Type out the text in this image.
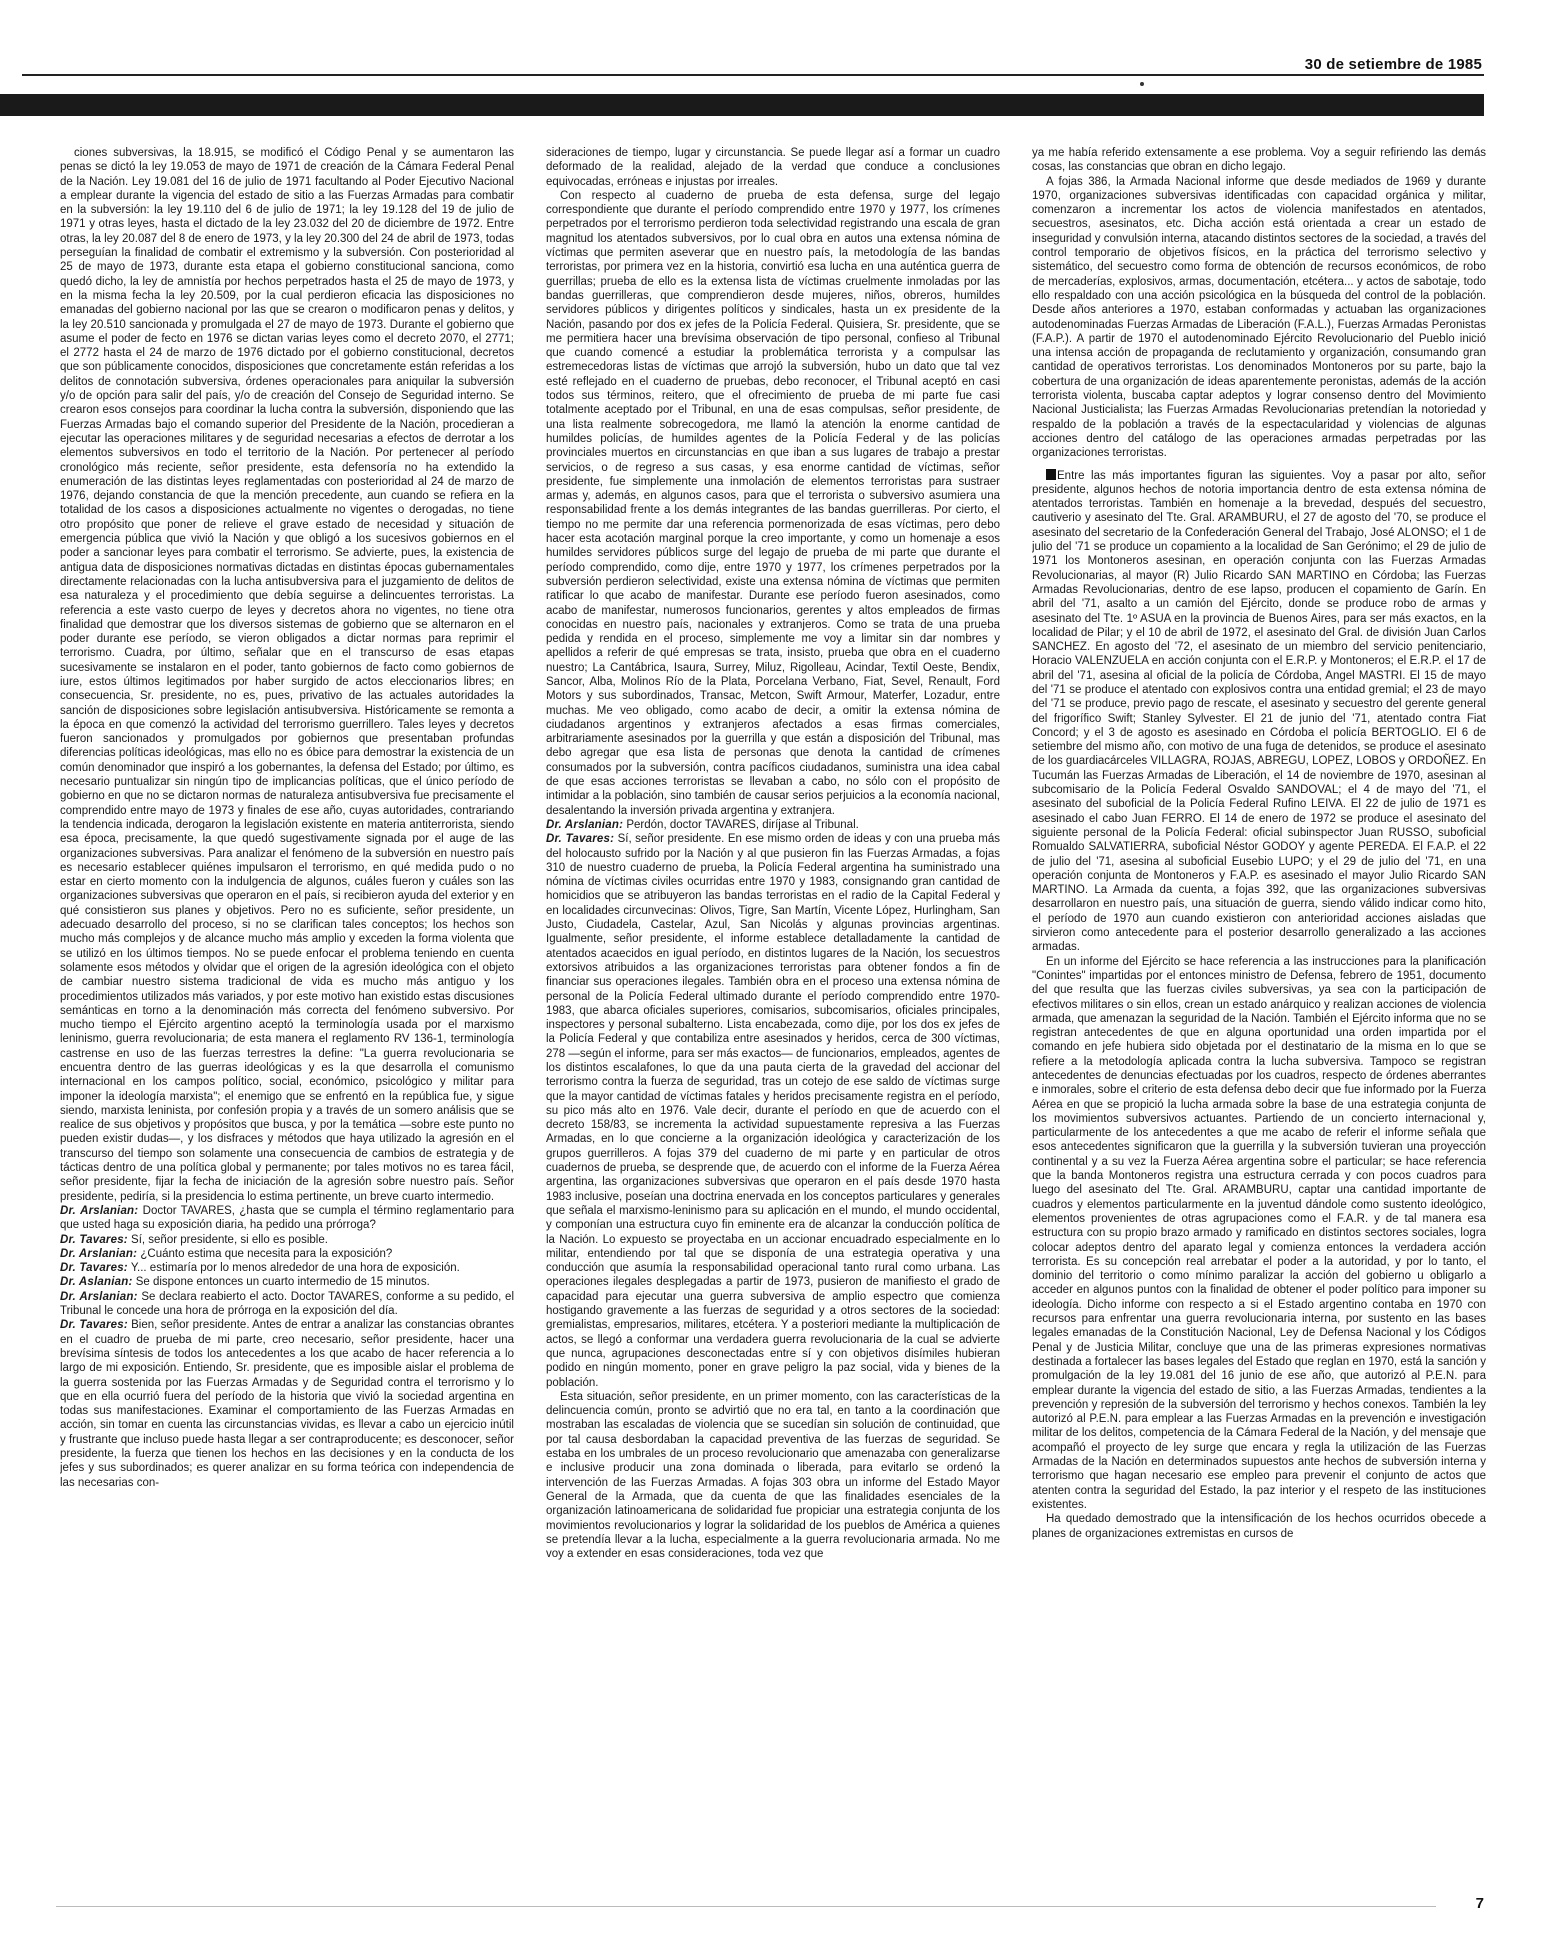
30 de setiembre de 1985

ciones subversivas, la 18.915, se modificó el Código Penal y se aumentaron las penas se dictó la ley 19.053 de mayo de 1971 de creación de la Cámara Federal Penal de la Nación. Ley 19.081 del 16 de julio de 1971 facultando al Poder Ejecutivo Nacional a emplear durante la vigencia del estado de sitio a las Fuerzas Armadas para combatir en la subversión: la ley 19.110 del 6 de julio de 1971; la ley 19.128 del 19 de julio de 1971 y otras leyes, hasta el dictado de la ley 23.032 del 20 de diciembre de 1972. Entre otras, la ley 20.087 del 8 de enero de 1973, y la ley 20.300 del 24 de abril de 1973, todas perseguían la finalidad de combatir el extremismo y la subversión. Con posterioridad al 25 de mayo de 1973, durante esta etapa el gobierno constitucional sanciona, como quedó dicho, la ley de amnistía por hechos perpetrados hasta el 25 de mayo de 1973, y en la misma fecha la ley 20.509, por la cual perdieron eficacia las disposiciones no emanadas del gobierno nacional por las que se crearon o modificaron penas y delitos, y la ley 20.510 sancionada y promulgada el 27 de mayo de 1973. Durante el gobierno que asume el poder de fecto en 1976 se dictan varias leyes como el decreto 2070, el 2771; el 2772 hasta el 24 de marzo de 1976 dictado por el gobierno constitucional, decretos que son públicamente conocidos, disposiciones que concretamente están referidas a los delitos de connotación subversiva, órdenes operacionales para aniquilar la subversión y/o de opción para salir del país, y/o de creación del Consejo de Seguridad interno. Se crearon esos consejos para coordinar la lucha contra la subversión, disponiendo que las Fuerzas Armadas bajo el comando superior del Presidente de la Nación, procedieran a ejecutar las operaciones militares y de seguridad necesarias a efectos de derrotar a los elementos subversivos en todo el territorio de la Nación. Por pertenecer al período cronológico más reciente, señor presidente, esta defensoría no ha extendido la enumeración de las distintas leyes reglamentadas con posterioridad al 24 de marzo de 1976, dejando constancia de que la mención precedente, aun cuando se refiera en la totalidad de los casos a disposiciones actualmente no vigentes o derogadas, no tiene otro propósito que poner de relieve el grave estado de necesidad y situación de emergencia pública que vivió la Nación y que obligó a los sucesivos gobiernos en el poder a sancionar leyes para combatir el terrorismo. Se advierte, pues, la existencia de antigua data de disposiciones normativas dictadas en distintas épocas gubernamentales directamente relacionadas con la lucha antisubversiva para el juzgamiento de delitos de esa naturaleza y el procedimiento que debía seguirse a delincuentes terroristas. La referencia a este vasto cuerpo de leyes y decretos ahora no vigentes, no tiene otra finalidad que demostrar que los diversos sistemas de gobierno que se alternaron en el poder durante ese período, se vieron obligados a dictar normas para reprimir el terrorismo. Cuadra, por último, señalar que en el transcurso de esas etapas sucesivamente se instalaron en el poder, tanto gobiernos de facto como gobiernos de iure, estos últimos legitimados por haber surgido de actos eleccionarios libres; en consecuencia, Sr. presidente, no es, pues, privativo de las actuales autoridades la sanción de disposiciones sobre legislación antisubversiva. Históricamente se remonta a la época en que comenzó la actividad del terrorismo guerrillero. Tales leyes y decretos fueron sancionados y promulgados por gobiernos que presentaban profundas diferencias políticas ideológicas, mas ello no es óbice para demostrar la existencia de un común denominador que inspiró a los gobernantes, la defensa del Estado; por último, es necesario puntualizar sin ningún tipo de implicancias políticas, que el único período de gobierno en que no se dictaron normas de naturaleza antisubversiva fue precisamente el comprendido entre mayo de 1973 y finales de ese año, cuyas autoridades, contrariando la tendencia indicada, derogaron la legislación existente en materia antiterrorista, siendo esa época, precisamente, la que quedó sugestivamente signada por el auge de las organizaciones subversivas. Para analizar el fenómeno de la subversión en nuestro país es necesario establecer quiénes impulsaron el terrorismo, en qué medida pudo o no estar en cierto momento con la indulgencia de algunos, cuáles fueron y cuáles son las organizaciones subversivas que operaron en el país, si recibieron ayuda del exterior y en qué consistieron sus planes y objetivos. Pero no es suficiente, señor presidente, un adecuado desarrollo del proceso, si no se clarifican tales conceptos; los hechos son mucho más complejos y de alcance mucho más amplio y exceden la forma violenta que se utilizó en los últimos tiempos. No se puede enfocar el problema teniendo en cuenta solamente esos métodos y olvidar que el origen de la agresión ideológica con el objeto de cambiar nuestro sistema tradicional de vida es mucho más antiguo y los procedimientos utilizados más variados, y por este motivo han existido estas discusiones semánticas en torno a la denominación más correcta del fenómeno subversivo. Por mucho tiempo el Ejército argentino aceptó la terminología usada por el marxismo leninismo, guerra revolucionaria; de esta manera el reglamento RV 136-1, terminología castrense en uso de las fuerzas terrestres la define: "La guerra revolucionaria se encuentra dentro de las guerras ideológicas y es la que desarrolla el comunismo internacional en los campos político, social, económico, psicológico y militar para imponer la ideología marxista"; el enemigo que se enfrentó en la república fue, y sigue siendo, marxista leninista, por confesión propia y a través de un somero análisis que se realice de sus objetivos y propósitos que busca, y por la temática —sobre este punto no pueden existir dudas—, y los disfraces y métodos que haya utilizado la agresión en el transcurso del tiempo son solamente una consecuencia de cambios de estrategia y de tácticas dentro de una política global y permanente; por tales motivos no es tarea fácil, señor presidente, fijar la fecha de iniciación de la agresión sobre nuestro país. Señor presidente, pediría, si la presidencia lo estima pertinente, un breve cuarto intermedio.

Dr. Arslanian: Doctor TAVARES, ¿hasta que se cumpla el término reglamentario para que usted haga su exposición diaria, ha pedido una prórroga?

Dr. Tavares: Sí, señor presidente, si ello es posible.

Dr. Arslanian: ¿Cuánto estima que necesita para la exposición?

Dr. Tavares: Y... estimaría por lo menos alrededor de una hora de exposición.

Dr. Aslanian: Se dispone entonces un cuarto intermedio de 15 minutos.

Dr. Arslanian: Se declara reabierto el acto. Doctor TAVARES, conforme a su pedido, el Tribunal le concede una hora de prórroga en la exposición del día.

Dr. Tavares: Bien, señor presidente. Antes de entrar a analizar las constancias obrantes en el cuadro de prueba de mi parte, creo necesario, señor presidente, hacer una brevísima síntesis de todos los antecedentes a los que acabo de hacer referencia a lo largo de mi exposición. Entiendo, Sr. presidente, que es imposible aislar el problema de la guerra sostenida por las Fuerzas Armadas y de Seguridad contra el terrorismo y lo que en ella ocurrió fuera del período de la historia que vivió la sociedad argentina en todas sus manifestaciones. Examinar el comportamiento de las Fuerzas Armadas en acción, sin tomar en cuenta las circunstancias vividas, es llevar a cabo un ejercicio inútil y frustrante que incluso puede hasta llegar a ser contraproducente; es desconocer, señor presidente, la fuerza que tienen los hechos en las decisiones y en la conducta de los jefes y sus subordinados; es querer analizar en su forma teórica con independencia de las necesarias con-

sideraciones de tiempo, lugar y circunstancia. Se puede llegar así a formar un cuadro deformado de la realidad, alejado de la verdad que conduce a conclusiones equivocadas, erróneas e injustas por irreales.

Con respecto al cuaderno de prueba de esta defensa, surge del legajo correspondiente que durante el período comprendido entre 1970 y 1977, los crímenes perpetrados por el terrorismo perdieron toda selectividad registrando una escala de gran magnitud los atentados subversivos, por lo cual obra en autos una extensa nómina de víctimas que permiten aseverar que en nuestro país, la metodología de las bandas terroristas, por primera vez en la historia, convirtió esa lucha en una auténtica guerra de guerrillas; prueba de ello es la extensa lista de víctimas cruelmente inmoladas por las bandas guerrilleras, que comprendieron desde mujeres, niños, obreros, humildes servidores públicos y dirigentes políticos y sindicales, hasta un ex presidente de la Nación, pasando por dos ex jefes de la Policía Federal. Quisiera, Sr. presidente, que se me permitiera hacer una brevísima observación de tipo personal, confieso al Tribunal que cuando comencé a estudiar la problemática terrorista y a compulsar las estremecedoras listas de víctimas que arrojó la subversión, hubo un dato que tal vez esté reflejado en el cuaderno de pruebas, debo reconocer, el Tribunal aceptó en casi todos sus términos, reitero, que el ofrecimiento de prueba de mi parte fue casi totalmente aceptado por el Tribunal, en una de esas compulsas, señor presidente, de una lista realmente sobrecogedora, me llamó la atención la enorme cantidad de humildes policías, de humildes agentes de la Policía Federal y de las policías provinciales muertos en circunstancias en que iban a sus lugares de trabajo a prestar servicios, o de regreso a sus casas, y esa enorme cantidad de víctimas, señor presidente, fue simplemente una inmolación de elementos terroristas para sustraer armas y, además, en algunos casos, para que el terrorista o subversivo asumiera una responsabilidad frente a los demás integrantes de las bandas guerrilleras. Por cierto, el tiempo no me permite dar una referencia pormenorizada de esas víctimas, pero debo hacer esta acotación marginal porque la creo importante, y como un homenaje a esos humildes servidores públicos surge del legajo de prueba de mi parte que durante el período comprendido, como dije, entre 1970 y 1977, los crímenes perpetrados por la subversión perdieron selectividad, existe una extensa nómina de víctimas que permiten ratificar lo que acabo de manifestar. Durante ese período fueron asesinados, como acabo de manifestar, numerosos funcionarios, gerentes y altos empleados de firmas conocidas en nuestro país, nacionales y extranjeros. Como se trata de una prueba pedida y rendida en el proceso, simplemente me voy a limitar sin dar nombres y apellidos a referir de qué empresas se trata, insisto, prueba que obra en el cuaderno nuestro; La Cantábrica, Isaura, Surrey, Miluz, Rigolleau, Acindar, Textil Oeste, Bendix, Sancor, Alba, Molinos Río de la Plata, Porcelana Verbano, Fiat, Sevel, Renault, Ford Motors y sus subordinados, Transac, Metcon, Swift Armour, Materfer, Lozadur, entre muchas. Me veo obligado, como acabo de decir, a omitir la extensa nómina de ciudadanos argentinos y extranjeros afectados a esas firmas comerciales, arbitrariamente asesinados por la guerrilla y que están a disposición del Tribunal, mas debo agregar que esa lista de personas que denota la cantidad de crímenes consumados por la subversión, contra pacíficos ciudadanos, suministra una idea cabal de que esas acciones terroristas se llevaban a cabo, no sólo con el propósito de intimidar a la población, sino también de causar serios perjuicios a la economía nacional, desalentando la inversión privada argentina y extranjera.

Dr. Arslanian: Perdón, doctor TAVARES, diríjase al Tribunal.

Dr. Tavares: Sí, señor presidente. En ese mismo orden de ideas y con una prueba más del holocausto sufrido por la Nación y al que pusieron fin las Fuerzas Armadas, a fojas 310 de nuestro cuaderno de prueba, la Policía Federal argentina ha suministrado una nómina de víctimas civiles ocurridas entre 1970 y 1983, consignando gran cantidad de homicidios que se atribuyeron las bandas terroristas en el radio de la Capital Federal y en localidades circunvecinas: Olivos, Tigre, San Martín, Vicente López, Hurlingham, San Justo, Ciudadela, Castelar, Azul, San Nicolás y algunas provincias argentinas. Igualmente, señor presidente, el informe establece detalladamente la cantidad de atentados acaecidos en igual período, en distintos lugares de la Nación, los secuestros extorsivos atribuidos a las organizaciones terroristas para obtener fondos a fin de financiar sus operaciones ilegales. También obra en el proceso una extensa nómina de personal de la Policía Federal ultimado durante el período comprendido entre 1970-1983, que abarca oficiales superiores, comisarios, subcomisarios, oficiales principales, inspectores y personal subalterno. Lista encabezada, como dije, por los dos ex jefes de la Policía Federal y que contabiliza entre asesinados y heridos, cerca de 300 víctimas, 278 —según el informe, para ser más exactos— de funcionarios, empleados, agentes de los distintos escalafones, lo que da una pauta cierta de la gravedad del accionar del terrorismo contra la fuerza de seguridad, tras un cotejo de ese saldo de víctimas surge que la mayor cantidad de víctimas fatales y heridos precisamente registra en el período, su pico más alto en 1976. Vale decir, durante el período en que de acuerdo con el decreto 158/83, se incrementa la actividad supuestamente represiva a las Fuerzas Armadas, en lo que concierne a la organización ideológica y caracterización de los grupos guerrilleros. A fojas 379 del cuaderno de mi parte y en particular de otros cuadernos de prueba, se desprende que, de acuerdo con el informe de la Fuerza Aérea argentina, las organizaciones subversivas que operaron en el país desde 1970 hasta 1983 inclusive, poseían una doctrina enervada en los conceptos particulares y generales que señala el marxismo-leninismo para su aplicación en el mundo, el mundo occidental, y componían una estructura cuyo fin eminente era de alcanzar la conducción política de la Nación. Lo expuesto se proyectaba en un accionar encuadrado especialmente en lo militar, entendiendo por tal que se disponía de una estrategia operativa y una conducción que asumía la responsabilidad operacional tanto rural como urbana. Las operaciones ilegales desplegadas a partir de 1973, pusieron de manifiesto el grado de capacidad para ejecutar una guerra subversiva de amplio espectro que comienza hostigando gravemente a las fuerzas de seguridad y a otros sectores de la sociedad: gremialistas, empresarios, militares, etcétera. Y a posteriori mediante la multiplicación de actos, se llegó a conformar una verdadera guerra revolucionaria de la cual se advierte que nunca, agrupaciones desconectadas entre sí y con objetivos disímiles hubieran podido en ningún momento, poner en grave peligro la paz social, vida y bienes de la población.

Esta situación, señor presidente, en un primer momento, con las características de la delincuencia común, pronto se advirtió que no era tal, en tanto a la coordinación que mostraban las escaladas de violencia que se sucedían sin solución de continuidad, que por tal causa desbordaban la capacidad preventiva de las fuerzas de seguridad. Se estaba en los umbrales de un proceso revolucionario que amenazaba con generalizarse e inclusive producir una zona dominada o liberada, para evitarlo se ordenó la intervención de las Fuerzas Armadas. A fojas 303 obra un informe del Estado Mayor General de la Armada, que da cuenta de que las finalidades esenciales de la organización latinoamericana de solidaridad fue propiciar una estrategia conjunta de los movimientos revolucionarios y lograr la solidaridad de los pueblos de América a quienes se pretendía llevar a la lucha, especialmente a la guerra revolucionaria armada. No me voy a extender en esas consideraciones, toda vez que

ya me había referido extensamente a ese problema. Voy a seguir refiriendo las demás cosas, las constancias que obran en dicho legajo.

A fojas 386, la Armada Nacional informe que desde mediados de 1969 y durante 1970, organizaciones subversivas identificadas con capacidad orgánica y militar, comenzaron a incrementar los actos de violencia manifestados en atentados, secuestros, asesinatos, etc. Dicha acción está orientada a crear un estado de inseguridad y convulsión interna, atacando distintos sectores de la sociedad, a través del control temporario de objetivos físicos, en la práctica del terrorismo selectivo y sistemático, del secuestro como forma de obtención de recursos económicos, de robo de mercaderías, explosivos, armas, documentación, etcétera... y actos de sabotaje, todo ello respaldado con una acción psicológica en la búsqueda del control de la población. Desde años anteriores a 1970, estaban conformadas y actuaban las organizaciones autodenominadas Fuerzas Armadas de Liberación (F.A.L.), Fuerzas Armadas Peronistas (F.A.P.). A partir de 1970 el autodenominado Ejército Revolucionario del Pueblo inició una intensa acción de propaganda de reclutamiento y organización, consumando gran cantidad de operativos terroristas. Los denominados Montoneros por su parte, bajo la cobertura de una organización de ideas aparentemente peronistas, además de la acción terrorista violenta, buscaba captar adeptos y lograr consenso dentro del Movimiento Nacional Justicialista; las Fuerzas Armadas Revolucionarias pretendían la notoriedad y respaldo de la población a través de la espectacularidad y violencias de algunas acciones dentro del catálogo de las operaciones armadas perpetradas por las organizaciones terroristas.

Entre las más importantes figuran las siguientes. Voy a pasar por alto, señor presidente, algunos hechos de notoria importancia dentro de esta extensa nómina de atentados terroristas. También en homenaje a la brevedad, después del secuestro, cautiverio y asesinato del Tte. Gral. ARAMBURU, el 27 de agosto del '70, se produce el asesinato del secretario de la Confederación General del Trabajo, José ALONSO; el 1 de julio del '71 se produce un copamiento a la localidad de San Gerónimo; el 29 de julio de 1971 los Montoneros asesinan, en operación conjunta con las Fuerzas Armadas Revolucionarias, al mayor (R) Julio Ricardo SAN MARTINO en Córdoba; las Fuerzas Armadas Revolucionarias, dentro de ese lapso, producen el copamiento de Garín. En abril del '71, asalto a un camión del Ejército, donde se produce robo de armas y asesinato del Tte. 1º ASUA en la provincia de Buenos Aires, para ser más exactos, en la localidad de Pilar; y el 10 de abril de 1972, el asesinato del Gral. de división Juan Carlos SANCHEZ. En agosto del '72, el asesinato de un miembro del servicio penitenciario, Horacio VALENZUELA en acción conjunta con el E.R.P. y Montoneros; el E.R.P. el 17 de abril del '71, asesina al oficial de la policía de Córdoba, Angel MASTRI. El 15 de mayo del '71 se produce el atentado con explosivos contra una entidad gremial; el 23 de mayo del '71 se produce, previo pago de rescate, el asesinato y secuestro del gerente general del frigorífico Swift; Stanley Sylvester. El 21 de junio del '71, atentado contra Fiat Concord; y el 3 de agosto es asesinado en Córdoba el policía BERTOGLIO. El 6 de setiembre del mismo año, con motivo de una fuga de detenidos, se produce el asesinato de los guardiacárceles VILLAGRA, ROJAS, ABREGU, LOPEZ, LOBOS y ORDOÑEZ. En Tucumán las Fuerzas Armadas de Liberación, el 14 de noviembre de 1970, asesinan al subcomisario de la Policía Federal Osvaldo SANDOVAL; el 4 de mayo del '71, el asesinato del suboficial de la Policía Federal Rufino LEIVA. El 22 de julio de 1971 es asesinado el cabo Juan FERRO. El 14 de enero de 1972 se produce el asesinato del siguiente personal de la Policía Federal: oficial subinspector Juan RUSSO, suboficial Romualdo SALVATIERRA, suboficial Néstor GODOY y agente PEREDA. El F.A.P. el 22 de julio del '71, asesina al suboficial Eusebio LUPO; y el 29 de julio del '71, en una operación conjunta de Montoneros y F.A.P. es asesinado el mayor Julio Ricardo SAN MARTINO. La Armada da cuenta, a fojas 392, que las organizaciones subversivas desarrollaron en nuestro país, una situación de guerra, siendo válido indicar como hito, el período de 1970 aun cuando existieron con anterioridad acciones aisladas que sirvieron como antecedente para el posterior desarrollo generalizado a las acciones armadas.

En un informe del Ejército se hace referencia a las instrucciones para la planificación "Conintes" impartidas por el entonces ministro de Defensa, febrero de 1951, documento del que resulta que las fuerzas civiles subversivas, ya sea con la participación de efectivos militares o sin ellos, crean un estado anárquico y realizan acciones de violencia armada, que amenazan la seguridad de la Nación. También el Ejército informa que no se registran antecedentes de que en alguna oportunidad una orden impartida por el comando en jefe hubiera sido objetada por el destinatario de la misma en lo que se refiere a la metodología aplicada contra la lucha subversiva. Tampoco se registran antecedentes de denuncias efectuadas por los cuadros, respecto de órdenes aberrantes e inmorales, sobre el criterio de esta defensa debo decir que fue informado por la Fuerza Aérea en que se propició la lucha armada sobre la base de una estrategia conjunta de los movimientos subversivos actuantes. Partiendo de un concierto internacional y, particularmente de los antecedentes a que me acabo de referir el informe señala que esos antecedentes significaron que la guerrilla y la subversión tuvieran una proyección continental y a su vez la Fuerza Aérea argentina sobre el particular; se hace referencia que la banda Montoneros registra una estructura cerrada y con pocos cuadros para luego del asesinato del Tte. Gral. ARAMBURU, captar una cantidad importante de cuadros y elementos particularmente en la juventud dándole como sustento ideológico, elementos provenientes de otras agrupaciones como el F.A.R. y de tal manera esa estructura con su propio brazo armado y ramificado en distintos sectores sociales, logra colocar adeptos dentro del aparato legal y comienza entonces la verdadera acción terrorista. Es su concepción real arrebatar el poder a la autoridad, y por lo tanto, el dominio del territorio o como mínimo paralizar la acción del gobierno u obligarlo a acceder en algunos puntos con la finalidad de obtener el poder político para imponer su ideología. Dicho informe con respecto a si el Estado argentino contaba en 1970 con recursos para enfrentar una guerra revolucionaria interna, por sustento en las bases legales emanadas de la Constitución Nacional, Ley de Defensa Nacional y los Códigos Penal y de Justicia Militar, concluye que una de las primeras expresiones normativas destinada a fortalecer las bases legales del Estado que reglan en 1970, está la sanción y promulgación de la ley 19.081 del 16 junio de ese año, que autorizó al P.E.N. para emplear durante la vigencia del estado de sitio, a las Fuerzas Armadas, tendientes a la prevención y represión de la subversión del terrorismo y hechos conexos. También la ley autorizó al P.E.N. para emplear a las Fuerzas Armadas en la prevención e investigación militar de los delitos, competencia de la Cámara Federal de la Nación, y del mensaje que acompañó el proyecto de ley surge que encara y regla la utilización de las Fuerzas Armadas de la Nación en determinados supuestos ante hechos de subversión interna y terrorismo que hagan necesario ese empleo para prevenir el conjunto de actos que atenten contra la seguridad del Estado, la paz interior y el respeto de las instituciones existentes.

Ha quedado demostrado que la intensificación de los hechos ocurridos obecede a planes de organizaciones extremistas en cursos de

7
